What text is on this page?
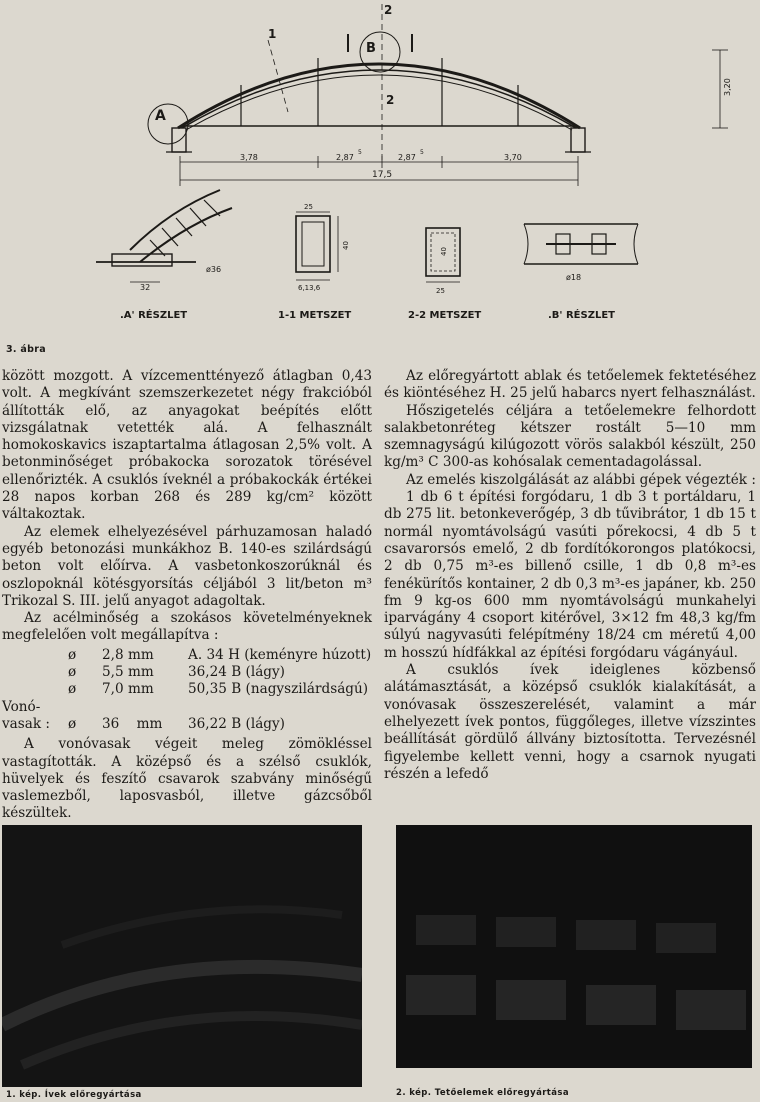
A
B
2
2
1
3,78	2,87
5
2,87
5
3,70
17,5
3,20
32
ø36
25
6,13,6
40
25
40
ø18
.A' RÉSZLET	1-1 METSZET	2-2 METSZET	.B' RÉSZLET
3. ábra

között mozgott. A vízcementtényező átlagban 0,43 volt. A megkívánt szemszerkezetet négy frakcióból állították elő, az anyagokat beépítés előtt vizsgálatnak vetették alá. A felhasznált homokoskavics iszaptartalma átlagosan 2,5% volt. A betonminőséget próbakocka sorozatok törésével ellenőrizték. A csuklós íveknél a próbakockák értékei 28 napos korban 268 és 289 kg/cm² között váltakoztak.

Az elemek elhelyezésével párhuzamosan haladó egyéb betonozási munkákhoz B. 140-es szilárdságú beton volt előírva. A vasbetonkoszorúknál és oszlopoknál kötésgyorsítás céljából 3 lit/beton m³ Trikozal S. III. jelű anyagot adagoltak.

Az acélminőség a szokásos követelményeknek megfelelően volt megállapítva :

ø	2,8 mm	A. 34 H (keményre húzott)
ø	5,5 mm	36,24 B (lágy)
ø	7,0 mm	50,35 B (nagyszilárdságú)
Vonó-
vasak :	ø	36    mm	36,22 B (lágy)

A vonóvasak végeit meleg zömökléssel vastagították. A középső és a szélső csuklók, hüvelyek és feszítő csavarok szabvány minőségű vaslemezből, laposvasból, illetve gázcsőből készültek.

Az előregyártott ablak és tetőelemek fektetéséhez és kiöntéséhez H. 25 jelű habarcs nyert felhasználást.

Hőszigetelés céljára a tetőelemekre felhordott salakbetonréteg kétszer rostált 5—10 mm szemnagyságú kilúgozott vörös salakból készült, 250 kg/m³ C 300-as kohósalak cementadagolással.

Az emelés kiszolgálását az alábbi gépek végezték :

1 db 6 t építési forgódaru, 1 db 3 t portáldaru, 1 db 275 lit. betonkeverőgép, 3 db tűvibrátor, 1 db 15 t normál nyomtávolságú vasúti pőrekocsi, 4 db 5 t csavarorsós emelő, 2 db fordítókorongos platókocsi, 2 db 0,75 m³-es billenő csille, 1 db 0,8 m³-es fenékürítős kontainer, 2 db 0,3 m³-es japáner, kb. 250 fm 9 kg-os 600 mm nyomtávolságú munkahelyi iparvágány 4 csoport kitérővel, 3×12 fm 48,3 kg/fm súlyú nagyvasúti felépítmény 18/24 cm méretű 4,00 m hosszú hídfákkal az építési forgódaru vágányául.

A csuklós ívek ideiglenes közbenső alátámasztását, a középső csuklók kialakítását, a vonóvasak összeszerelését, valamint a már elhelyezett ívek pontos, függőleges, illetve vízszintes beállítását gördülő állvány biztosította. Tervezésnél figyelembe kellett venni, hogy a csarnok nyugati részén a lefedő

1. kép. Ívek előregyártása	2. kép. Tetőelemek előregyártása
